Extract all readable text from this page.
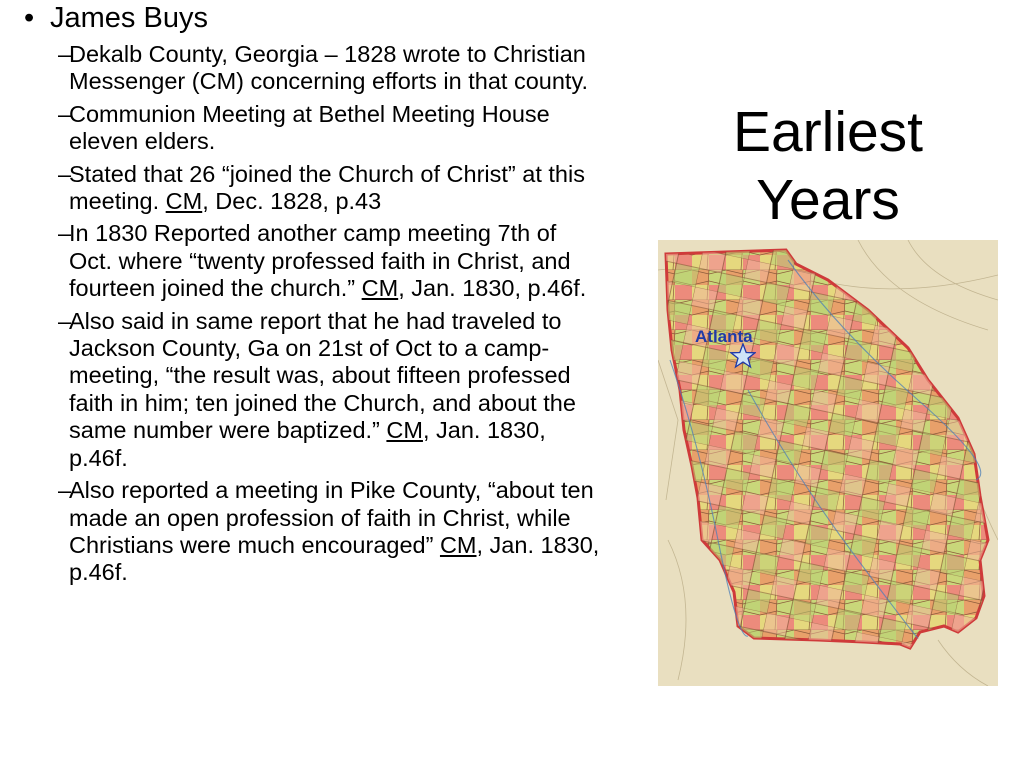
• James Buys
–
Dekalb County, Georgia – 1828 wrote to Christian Messenger (CM) concerning efforts in that county.
–
Communion Meeting at Bethel Meeting House eleven elders.
–
Stated that 26 “joined the Church of Christ” at this meeting. CM, Dec. 1828, p.43
–
In 1830 Reported another camp meeting 7th of Oct. where “twenty professed faith in Christ, and fourteen joined the church.” CM, Jan. 1830, p.46f.
–
Also said in same report that he had traveled to Jackson County, Ga on 21st of Oct to a camp-meeting, “the result was, about fifteen professed faith in him; ten joined the Church, and about the same number were baptized.” CM, Jan. 1830, p.46f.
–
Also reported a meeting in Pike County, “about ten made an open profession of faith in Christ, while Christians were much encouraged” CM, Jan. 1830, p.46f.
Earliest
Years
Atlanta
